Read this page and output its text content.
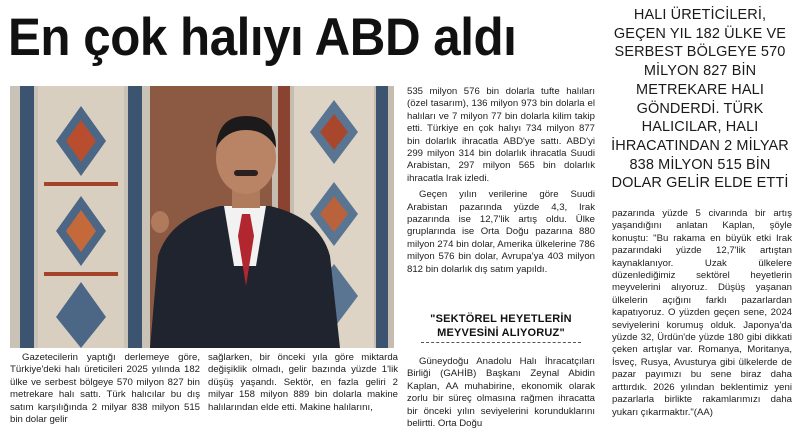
En çok halıyı ABD aldı

Gazetecilerin yaptığı derlemeye göre, Türkiye'deki halı üreticileri 2025 yılında 182 ülke ve serbest bölgeye 570 milyon 827 bin metrekare halı sattı. Türk halıcılar bu dış satım karşılığında 2 milyar 838 milyon 515 bin dolar gelir

sağlarken, bir önceki yıla göre miktarda değişiklik olmadı, gelir bazında yüzde 1'lik düşüş yaşandı. Sektör, en fazla geliri 2 milyar 158 milyon 889 bin dolarla makine halılarından elde etti. Makine halılarını,

535 milyon 576 bin dolarla tufte halıları (özel tasarım), 136 milyon 973 bin dolarla el halıları ve 7 milyon 77 bin dolarla kilim takip etti. Türkiye en çok halıyı 734 milyon 877 bin dolarlık ihracatla ABD'ye sattı. ABD'yi 299 milyon 314 bin dolarlık ihracatla Suudi Arabistan, 297 milyon 565 bin dolarlık ihracatla Irak izledi.

Geçen yılın verilerine göre Suudi Arabistan pazarında yüzde 4,3, Irak pazarında ise 12,7'lik artış oldu. Ülke gruplarında ise Orta Doğu pazarına 880 milyon 274 bin dolar, Amerika ülkelerine 786 milyon 576 bin dolar, Avrupa'ya 403 milyon 812 bin dolarlık dış satım yapıldı.

"SEKTÖREL HEYETLERİN MEYVESİNİ ALIYORUZ"

Güneydoğu Anadolu Halı İhracatçıları Birliği (GAHİB) Başkanı Zeynal Abidin Kaplan, AA muhabirine, ekonomik olarak zorlu bir süreç olmasına rağmen ihracatta bir önceki yılın seviyelerini korunduklarını belirtti. Orta Doğu

HALI ÜRETİCİLERİ, GEÇEN YIL 182 ÜLKE VE SERBEST BÖLGEYE 570 MİLYON 827 BİN METREKARE HALI GÖNDERDİ. TÜRK HALICILAR, HALI İHRACATINDAN 2 MİLYAR 838 MİLYON 515 BİN DOLAR GELİR ELDE ETTİ

pazarında yüzde 5 civarında bir artış yaşandığını anlatan Kaplan, şöyle konuştu: "Bu rakama en büyük etki Irak pazarındaki yüzde 12,7'lik artıştan kaynaklanıyor. Uzak ülkelere düzenlediğimiz sektörel heyetlerin meyvelerini alıyoruz. Düşüş yaşanan ülkelerin açığını farklı pazarlardan kapatıyoruz. O yüzden geçen sene, 2024 seviyelerini korumuş olduk. Japonya'da yüzde 32, Ürdün'de yüzde 180 gibi dikkati çeken artışlar var. Romanya, Moritanya, İsveç, Rusya, Avusturya gibi ülkelerde de pazar payımızı bu sene biraz daha arttırdık. 2026 yılından beklentimiz yeni pazarlarla birlikte rakamlarımızı daha yukarı çıkarmaktır."(AA)
